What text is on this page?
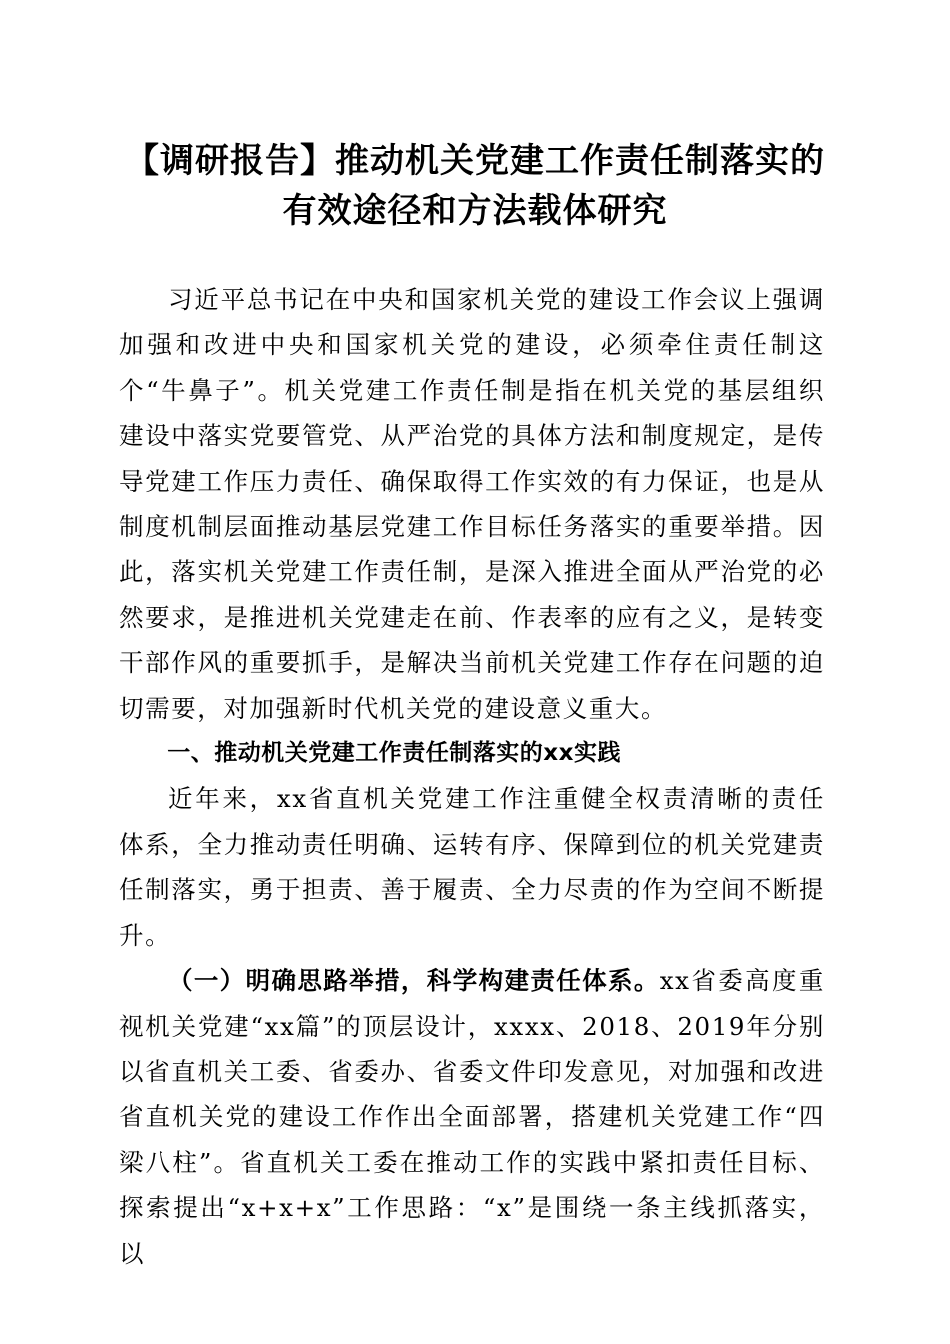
【调研报告】推动机关党建工作责任制落实的
有效途径和方法载体研究

习近平总书记在中央和国家机关党的建设工作会议上强调加强和改进中央和国家机关党的建设，必须牵住责任制这个“牛鼻子”。机关党建工作责任制是指在机关党的基层组织建设中落实党要管党、从严治党的具体方法和制度规定，是传导党建工作压力责任、确保取得工作实效的有力保证，也是从制度机制层面推动基层党建工作目标任务落实的重要举措。因此，落实机关党建工作责任制，是深入推进全面从严治党的必然要求，是推进机关党建走在前、作表率的应有之义，是转变干部作风的重要抓手，是解决当前机关党建工作存在问题的迫切需要，对加强新时代机关党的建设意义重大。

一、推动机关党建工作责任制落实的xx实践

近年来，xx省直机关党建工作注重健全权责清晰的责任体系，全力推动责任明确、运转有序、保障到位的机关党建责任制落实，勇于担责、善于履责、全力尽责的作为空间不断提升。

（一）明确思路举措，科学构建责任体系。xx省委高度重视机关党建“xx篇”的顶层设计，xxxx、2018、2019年分别以省直机关工委、省委办、省委文件印发意见，对加强和改进省直机关党的建设工作作出全面部署，搭建机关党建工作“四梁八柱”。省直机关工委在推动工作的实践中紧扣责任目标、探索提出“x+x+x”工作思路：“x”是围绕一条主线抓落实，以
